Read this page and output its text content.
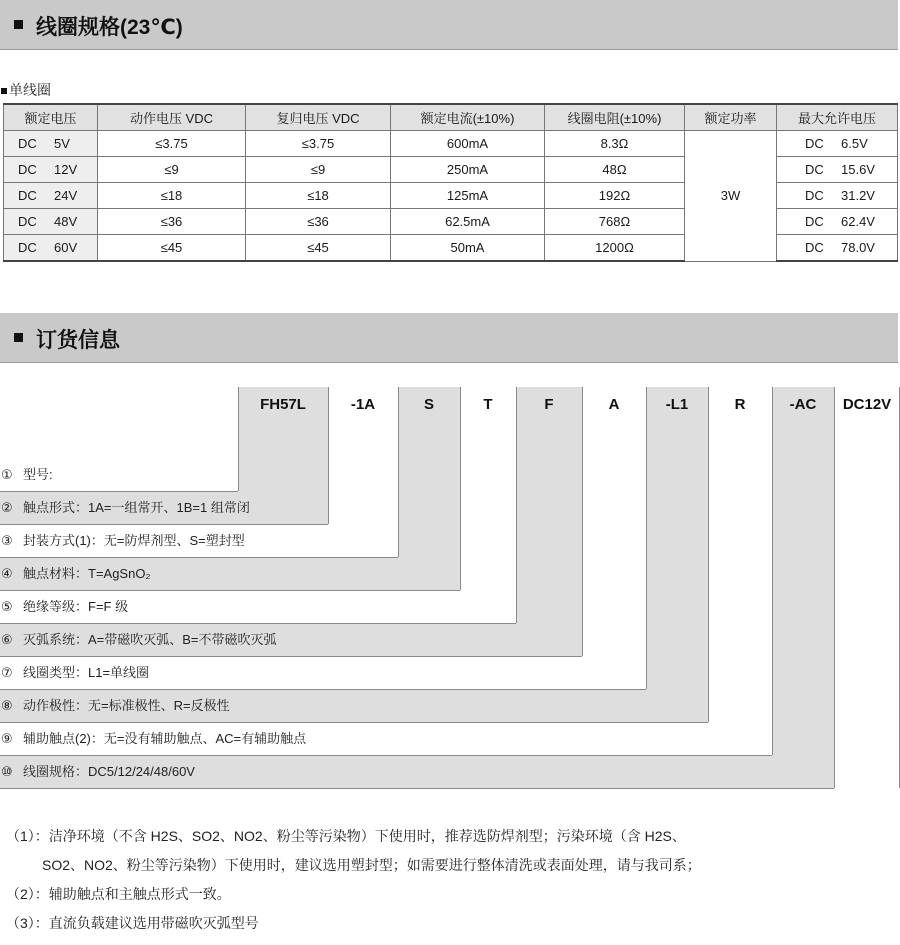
线圈规格(23℃)
单线圈
额定电压	动作电压 VDC	复归电压 VDC	额定电流(±10%)	线圈电阻(±10%)	额定功率	最大允许电压
DC 5V	≤3.75	≤3.75	600mA	8.3Ω	3W	DC 6.5V
DC 12V	≤9	≤9	250mA	48Ω		DC 15.6V
DC 24V	≤18	≤18	125mA	192Ω		DC 31.2V
DC 48V	≤36	≤36	62.5mA	768Ω		DC 62.4V
DC 60V	≤45	≤45	50mA	1200Ω		DC 78.0V
订货信息
FH57L	-1A	S	T	F	A	-L1	R	-AC	DC12V
① 型号:
② 触点形式：1A=一组常开、1B=1 组常闭
③ 封装方式(1)：无=防焊剂型、S=塑封型
④ 触点材料：T=AgSnO₂
⑤ 绝缘等级：F=F 级
⑥ 灭弧系统：A=带磁吹灭弧、B=不带磁吹灭弧
⑦ 线圈类型：L1=单线圈
⑧ 动作极性：无=标准极性、R=反极性
⑨ 辅助触点(2)：无=没有辅助触点、AC=有辅助触点
⑩ 线圈规格：DC5/12/24/48/60V
（1）：洁净环境（不含 H2S、SO2、NO2、粉尘等污染物）下使用时，推荐选防焊剂型；污染环境（含 H2S、
SO2、NO2、粉尘等污染物）下使用时，建议选用塑封型；如需要进行整体清洗或表面处理，请与我司系；
（2）：辅助触点和主触点形式一致。
（3）：直流负载建议选用带磁吹灭弧型号
